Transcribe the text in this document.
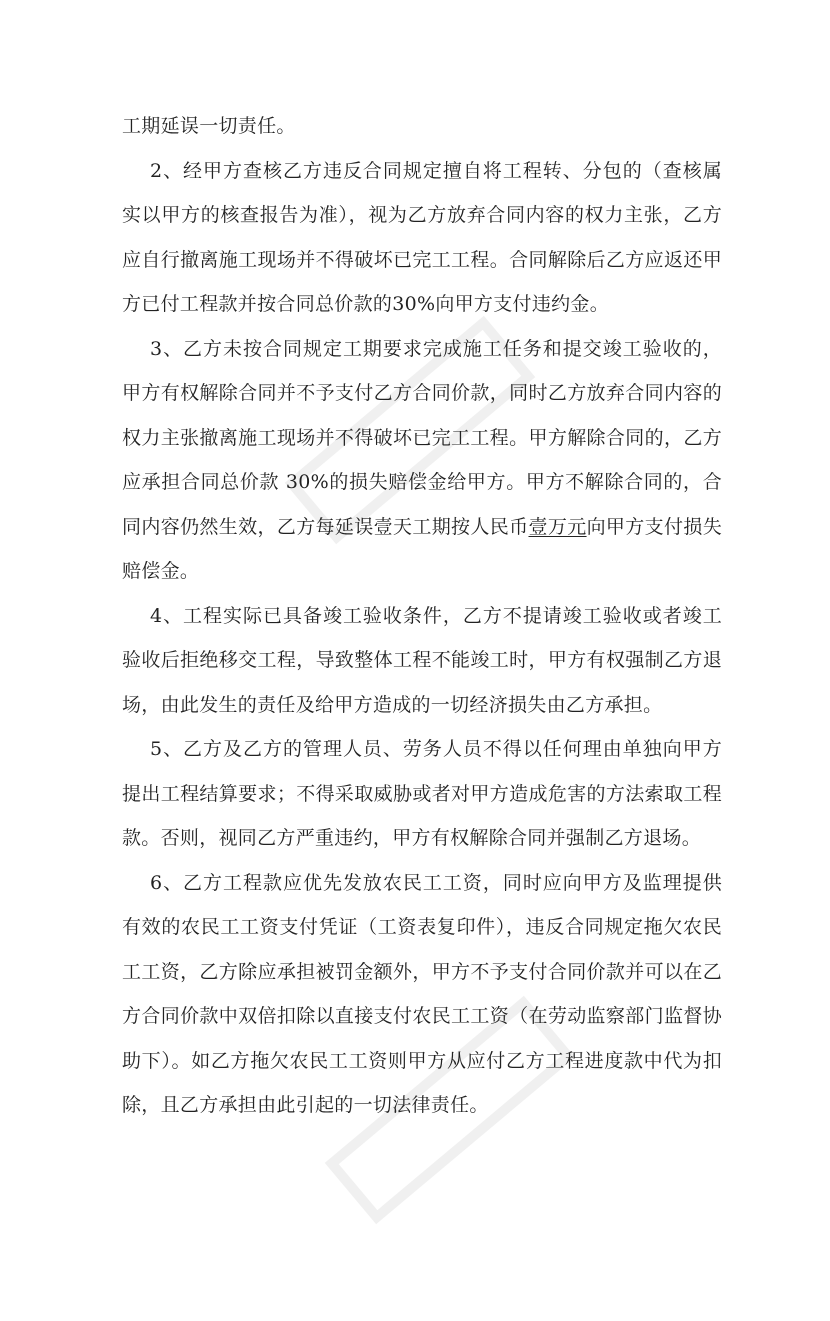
工期延误一切责任。

2、经甲方查核乙方违反合同规定擅自将工程转、分包的（查核属实以甲方的核查报告为准），视为乙方放弃合同内容的权力主张，乙方应自行撤离施工现场并不得破坏已完工工程。合同解除后乙方应返还甲方已付工程款并按合同总价款的30%向甲方支付违约金。

3、乙方未按合同规定工期要求完成施工任务和提交竣工验收的，甲方有权解除合同并不予支付乙方合同价款，同时乙方放弃合同内容的权力主张撤离施工现场并不得破坏已完工工程。甲方解除合同的，乙方应承担合同总价款 30%的损失赔偿金给甲方。甲方不解除合同的，合同内容仍然生效，乙方每延误壹天工期按人民币壹万元向甲方支付损失赔偿金。

4、工程实际已具备竣工验收条件，乙方不提请竣工验收或者竣工验收后拒绝移交工程，导致整体工程不能竣工时，甲方有权强制乙方退场，由此发生的责任及给甲方造成的一切经济损失由乙方承担。

5、乙方及乙方的管理人员、劳务人员不得以任何理由单独向甲方提出工程结算要求；不得采取威胁或者对甲方造成危害的方法索取工程款。否则，视同乙方严重违约，甲方有权解除合同并强制乙方退场。

6、乙方工程款应优先发放农民工工资，同时应向甲方及监理提供有效的农民工工资支付凭证（工资表复印件），违反合同规定拖欠农民工工资，乙方除应承担被罚金额外，甲方不予支付合同价款并可以在乙方合同价款中双倍扣除以直接支付农民工工资（在劳动监察部门监督协助下）。如乙方拖欠农民工工资则甲方从应付乙方工程进度款中代为扣除，且乙方承担由此引起的一切法律责任。
